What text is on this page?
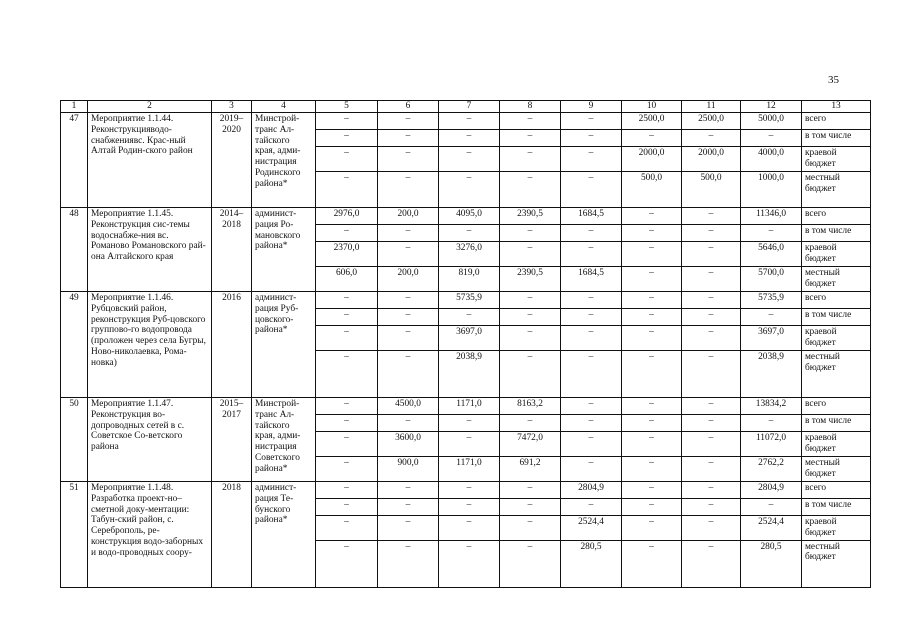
35
1	2	3	4	5	6	7	8	9	10	11	12	13
47	Мероприятие 1.1.44. Реконструкцияводо-снабжениявс. Крас-ный Алтай Родин-ского район	2019–2020	Минстрой-транс Ал-тайского края, адми-нистрация Родинского района*	–	–	–	–	–	2500,0	2500,0	5000,0	всего
				–	–	–	–	–	–	–	–	в том числе
				–	–	–	–	–	2000,0	2000,0	4000,0	краевой бюджет
				–	–	–	–	–	500,0	500,0	1000,0	местный бюджет
48	Мероприятие 1.1.45. Реконструкция сис-темы водоснабже-ния вс. Романово Романовского рай-она Алтайского края	2014–2018	админист-рация Ро-мановского района*	2976,0	200,0	4095,0	2390,5	1684,5	–	–	11346,0	всего
				–	–	–	–	–	–	–	–	в том числе
				2370,0	–	3276,0	–	–	–	–	5646,0	краевой бюджет
				606,0	200,0	819,0	2390,5	1684,5	–	–	5700,0	местный бюджет
49	Мероприятие 1.1.46. Рубцовский район, реконструкция Руб-цовского группово-го водопровода (проложен через села Бугры, Ново-николаевка, Рома-новка)	2016	админист-рация Руб-цовского-района*	–	–	5735,9	–	–	–	–	5735,9	всего
				–	–	–	–	–	–	–	–	в том числе
				–	–	3697,0	–	–	–	–	3697,0	краевой бюджет
				–	–	2038,9	–	–	–	–	2038,9	местный бюджет
50	Мероприятие 1.1.47. Реконструкция во-допроводных сетей в с. Советское Со-ветского района	2015–2017	Минстрой-транс Ал-тайского края, адми-нистрация Советского района*	–	4500,0	1171,0	8163,2	–	–	–	13834,2	всего
				–	–	–	–	–	–	–	–	в том числе
				–	3600,0	–	7472,0	–	–	–	11072,0	краевой бюджет
				–	900,0	1171,0	691,2	–	–	–	2762,2	местный бюджет
51	Мероприятие 1.1.48. Разработка проект-но–сметной доку-ментации: Табун-ский район, с. Сереброполь, ре-конструкция водо-заборных и водо-проводных соору-	2018	админист-рация Те-бунского района*	–	–	–	–	2804,9	–	–	2804,9	всего
				–	–	–	–	–	–	–	–	в том числе
				–	–	–	–	2524,4	–	–	2524,4	краевой бюджет
				–	–	–	–	280,5	–	–	280,5	местный бюджет
